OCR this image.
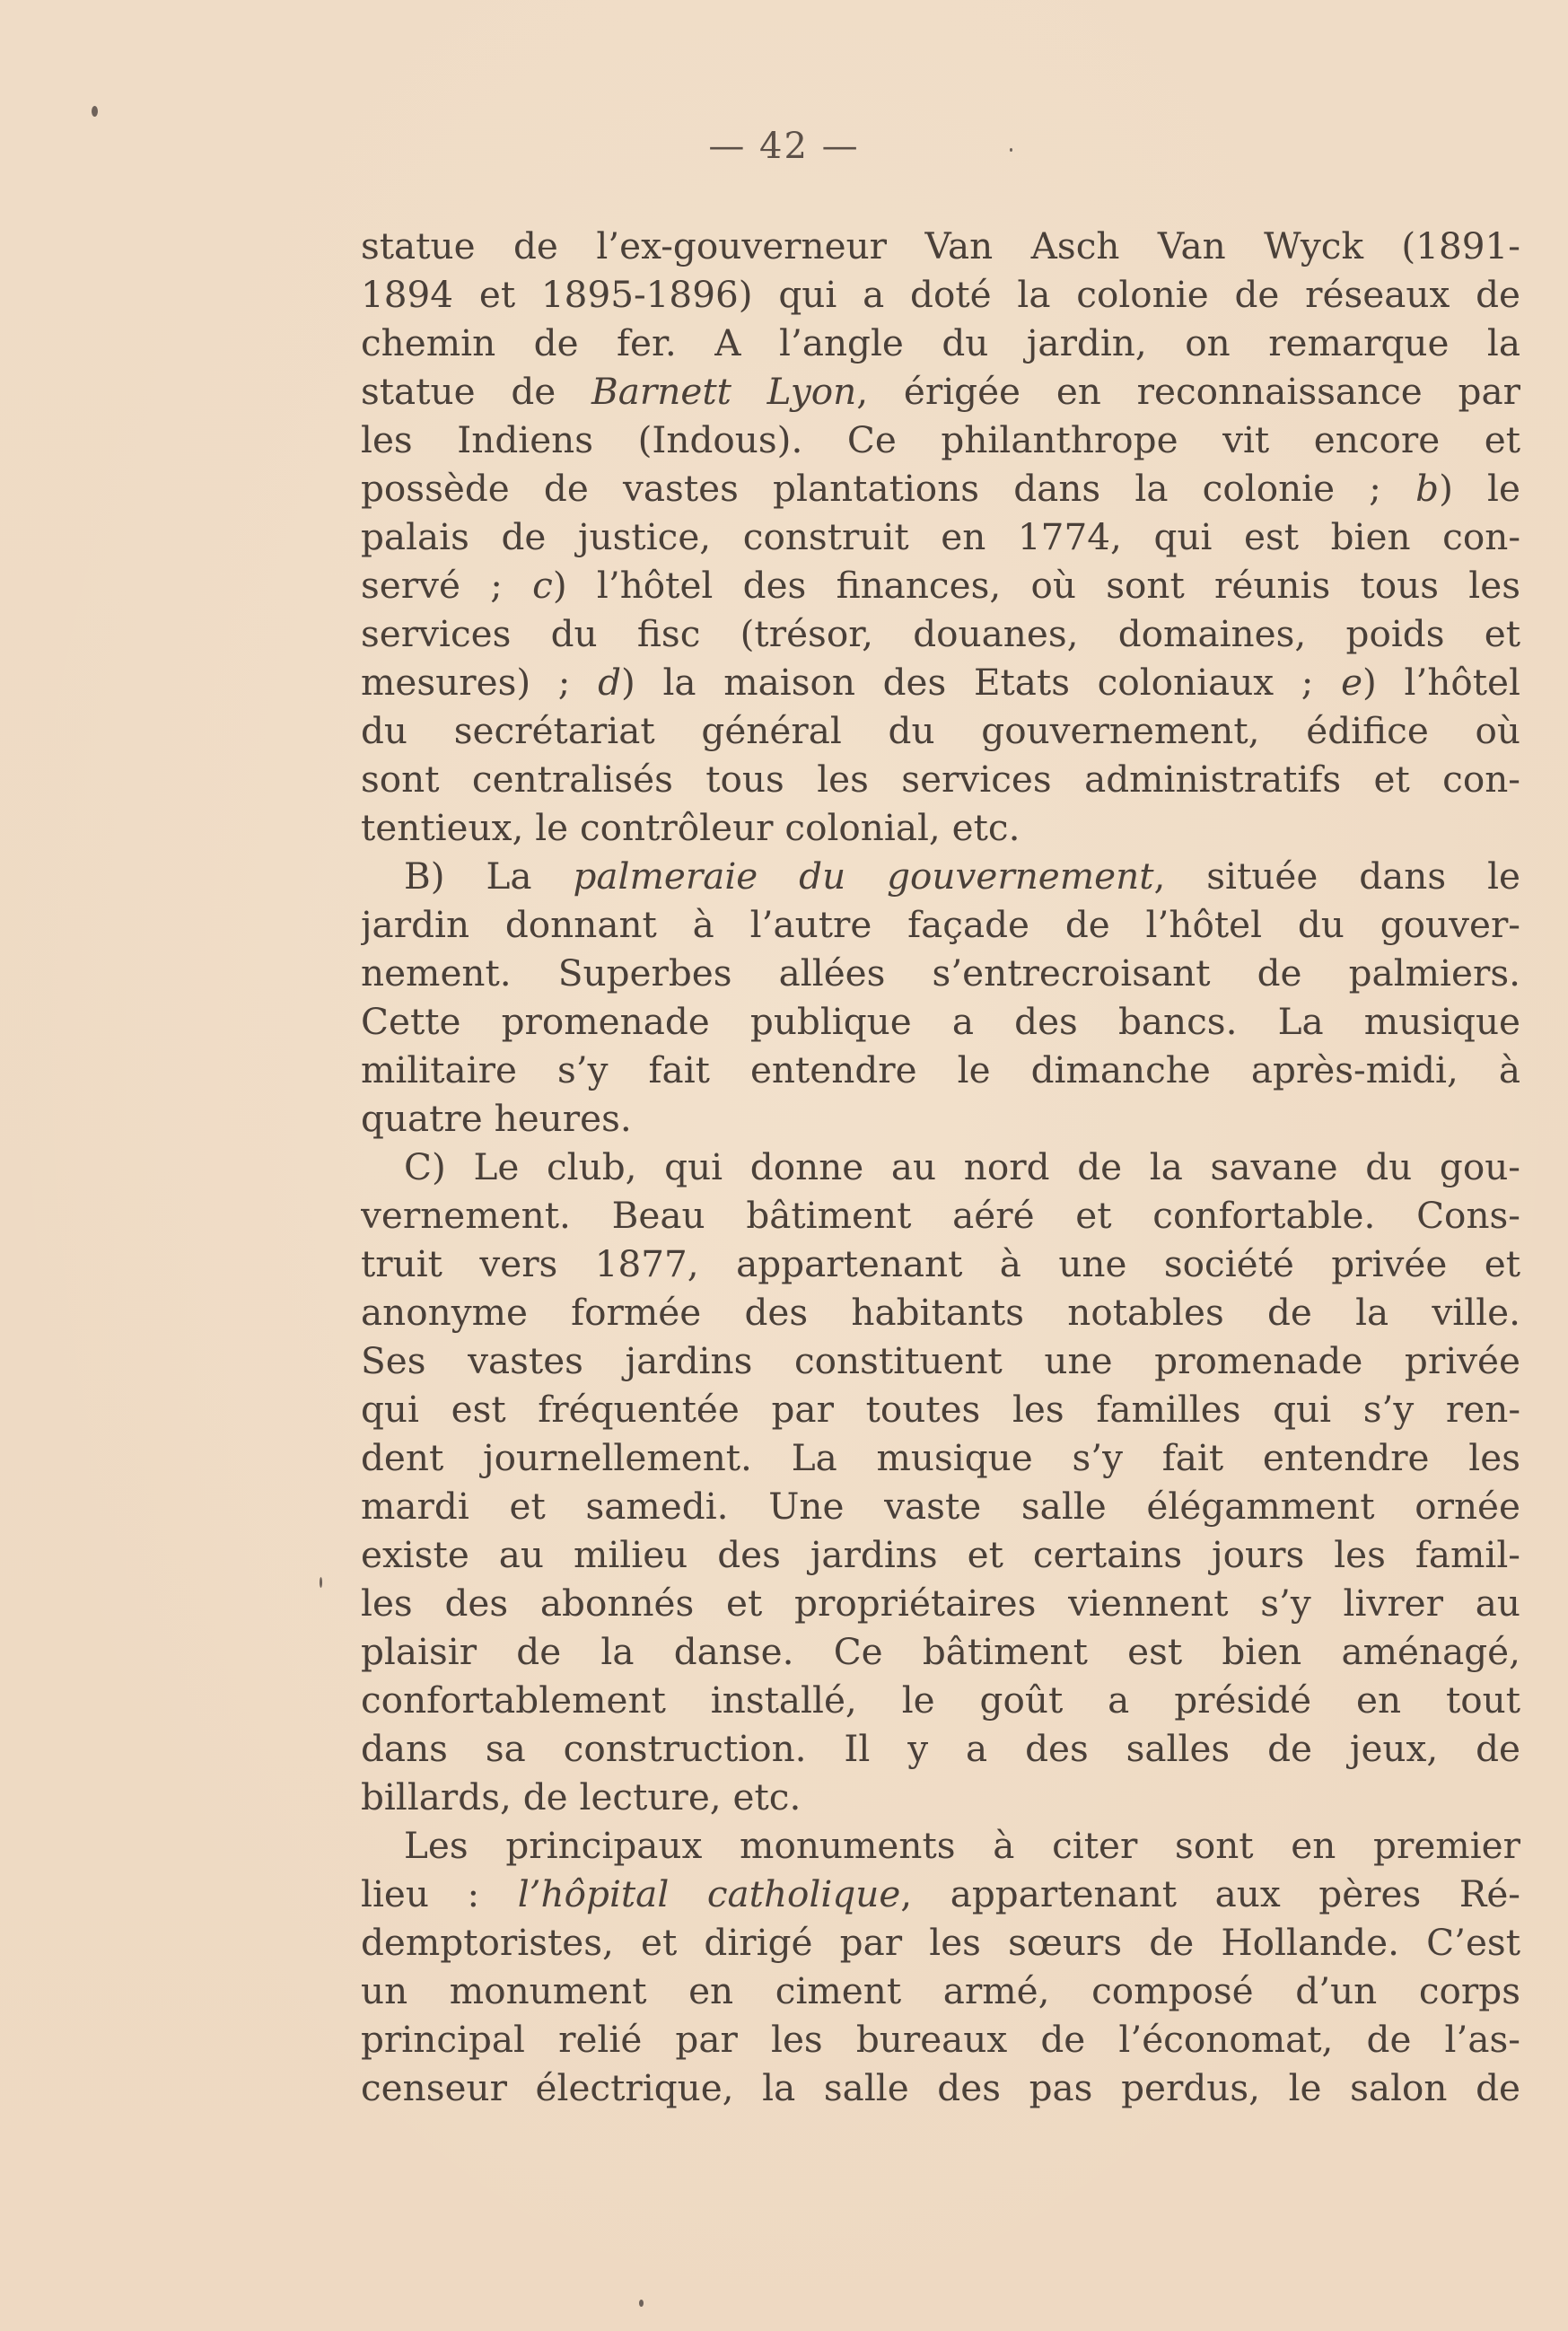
— 42 —
statue de l’ex-gouverneur Van Asch Van Wyck (1891-
1894 et 1895-1896) qui a doté la colonie de réseaux de
chemin de fer. A l’angle du jardin, on remarque la
statue de Barnett Lyon, érigée en reconnaissance par
les Indiens (Indous). Ce philanthrope vit encore et
possède de vastes plantations dans la colonie ; b) le
palais de justice, construit en 1774, qui est bien con-
servé ; c) l’hôtel des finances, où sont réunis tous les
services du fisc (trésor, douanes, domaines, poids et
mesures) ; d) la maison des Etats coloniaux ; e) l’hôtel
du secrétariat général du gouvernement, édifice où
sont centralisés tous les services administratifs et con-
tentieux, le contrôleur colonial, etc.
B) La palmeraie du gouvernement, située dans le
jardin donnant à l’autre façade de l’hôtel du gouver-
nement. Superbes allées s’entrecroisant de palmiers.
Cette promenade publique a des bancs. La musique
militaire s’y fait entendre le dimanche après-midi, à
quatre heures.
C) Le club, qui donne au nord de la savane du gou-
vernement. Beau bâtiment aéré et confortable. Cons-
truit vers 1877, appartenant à une société privée et
anonyme formée des habitants notables de la ville.
Ses vastes jardins constituent une promenade privée
qui est fréquentée par toutes les familles qui s’y ren-
dent journellement. La musique s’y fait entendre les
mardi et samedi. Une vaste salle élégamment ornée
existe au milieu des jardins et certains jours les famil-
les des abonnés et propriétaires viennent s’y livrer au
plaisir de la danse. Ce bâtiment est bien aménagé,
confortablement installé, le goût a présidé en tout
dans sa construction. Il y a des salles de jeux, de
billards, de lecture, etc.
Les principaux monuments à citer sont en premier
lieu : l’hôpital catholique, appartenant aux pères Ré-
demptoristes, et dirigé par les sœurs de Hollande. C’est
un monument en ciment armé, composé d’un corps
principal relié par les bureaux de l’économat, de l’as-
censeur électrique, la salle des pas perdus, le salon de
